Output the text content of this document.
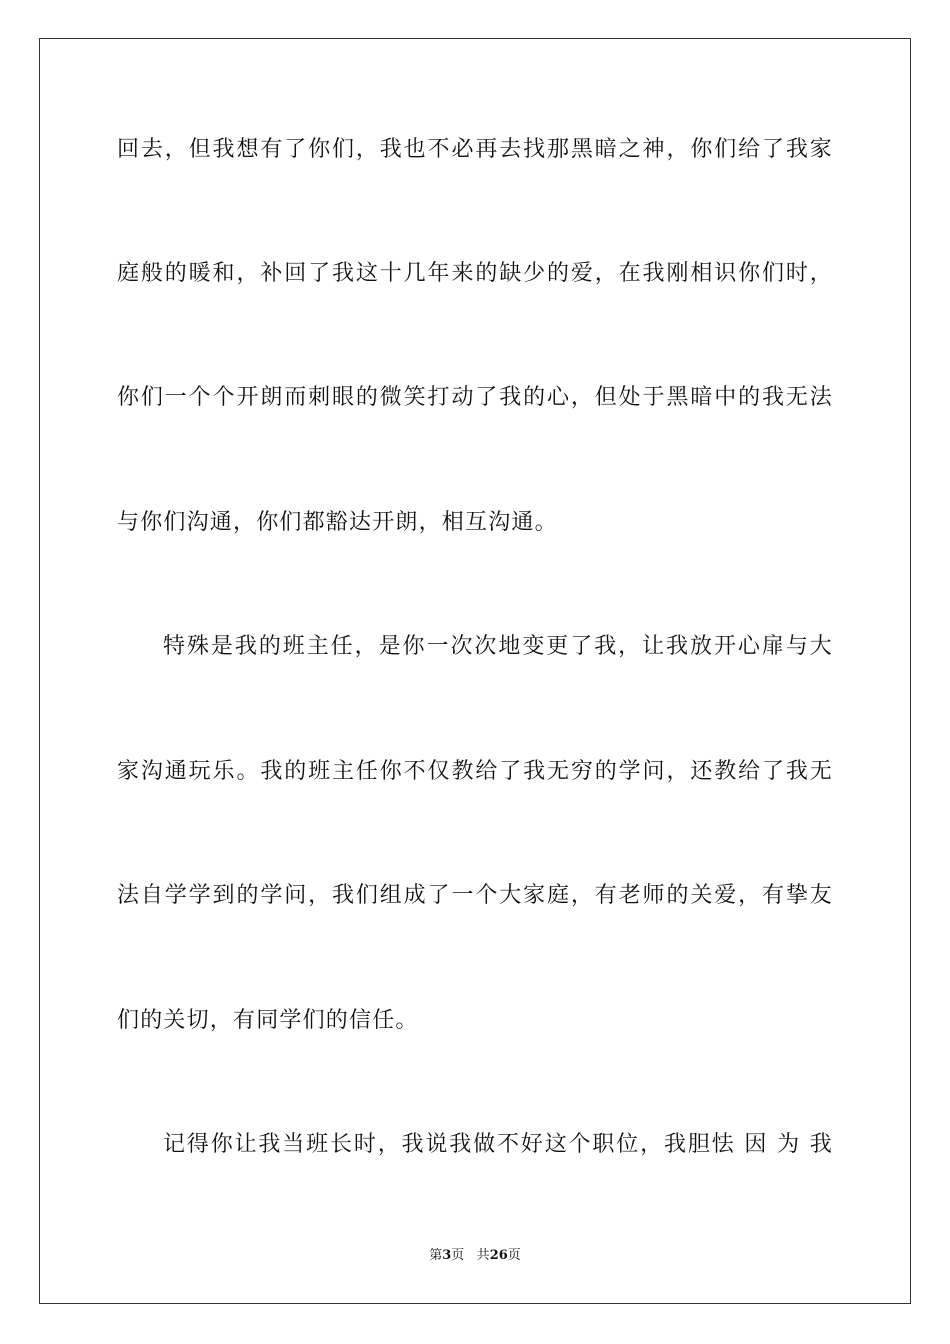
回去，但我想有了你们，我也不必再去找那黑暗之神，你们给了我家
庭般的暖和，补回了我这十几年来的缺少的爱，在我刚相识你们时，
你们一个个开朗而刺眼的微笑打动了我的心，但处于黑暗中的我无法
与你们沟通，你们都豁达开朗，相互沟通。
特殊是我的班主任，是你一次次地变更了我，让我放开心扉与大
家沟通玩乐。我的班主任你不仅教给了我无穷的学问，还教给了我无
法自学学到的学问，我们组成了一个大家庭，有老师的关爱，有挚友
们的关切，有同学们的信任。
记得你让我当班长时，我说我做不好这个职位，我胆怯 因 为 我
第3页 共26页
